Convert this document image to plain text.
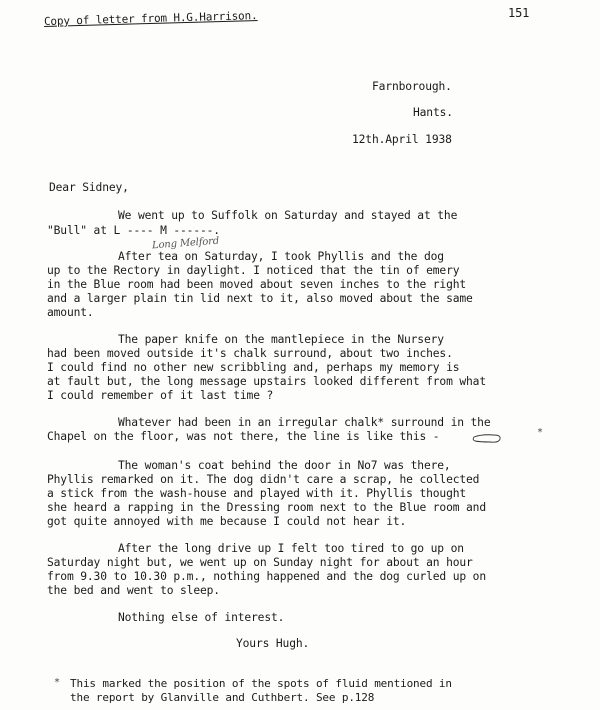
151
Copy of letter from H.G.Harrison.
Farnborough.
Hants.
12th.April 1938
Dear Sidney,
We went up to Suffolk on Saturday and stayed at the
"Bull" at L ---- M ------.
Long Melford
After tea on Saturday, I took Phyllis and the dog
up to the Rectory in daylight. I noticed that the tin of emery
in the Blue room had been moved about seven inches to the right
and a larger plain tin lid next to it, also moved about the same
amount.
The paper knife on the mantlepiece in the Nursery
had been moved outside it's chalk surround, about two inches.
I could find no other new scribbling and, perhaps my memory is
at fault but, the long message upstairs looked different from what
I could remember of it last time ?
Whatever had been in an irregular chalk* surround in the
Chapel on the floor, was not there, the line is like this -	*
The woman's coat behind the door in No7 was there,
Phyllis remarked on it. The dog didn't care a scrap, he collected
a stick from the wash-house and played with it. Phyllis thought
she heard a rapping in the Dressing room next to the Blue room and
got quite annoyed with me because I could not hear it.
After the long drive up I felt too tired to go up on
Saturday night but, we went up on Sunday night for about an hour
from 9.30 to 10.30 p.m., nothing happened and the dog curled up on
the bed and went to sleep.
Nothing else of interest.
Yours Hugh.
* This marked the position of the spots of fluid mentioned in
the report by Glanville and Cuthbert. See p.128
